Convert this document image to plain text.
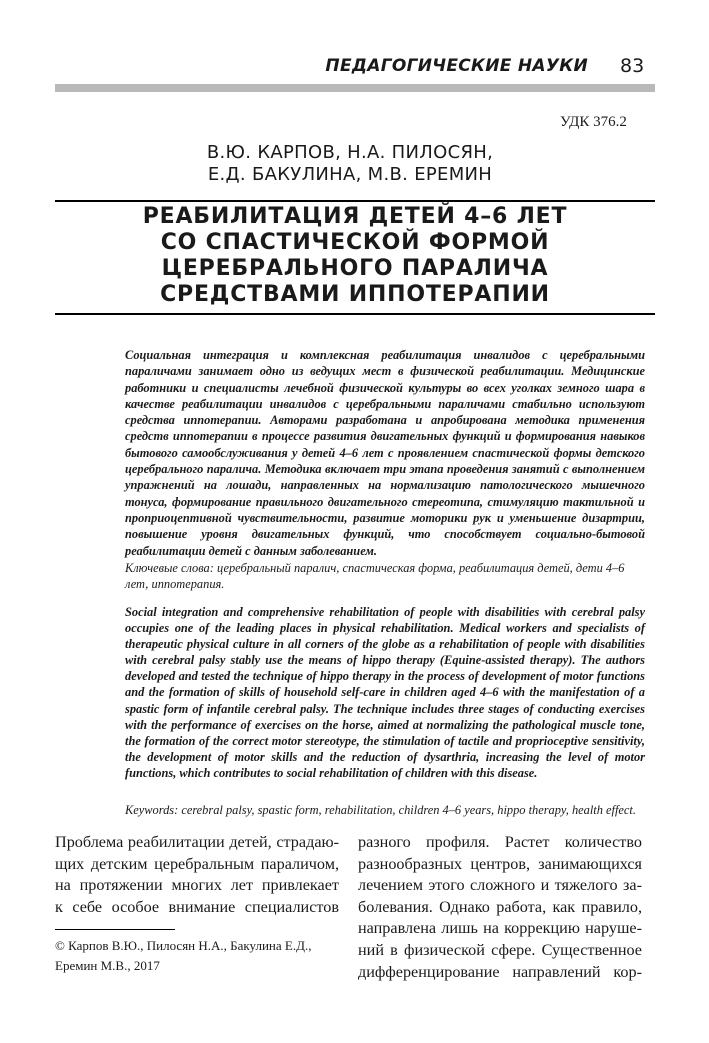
ПЕДАГОГИЧЕСКИЕ НАУКИ 83
УДК 376.2
В.Ю. КАРПОВ, Н.А. ПИЛОСЯН,
Е.Д. БАКУЛИНА, М.В. ЕРЕМИН
РЕАБИЛИТАЦИЯ ДЕТЕЙ 4–6 ЛЕТ
СО СПАСТИЧЕСКОЙ ФОРМОЙ
ЦЕРЕБРАЛЬНОГО ПАРАЛИЧА
СРЕДСТВАМИ ИППОТЕРАПИИ
Социальная интеграция и комплексная реабилитация инвалидов с церебральными параличами занимает одно из ведущих мест в физической реабилитации. Медицинские работники и специалисты лечебной физической культуры во всех уголках земного шара в качестве реабилитации инвалидов с церебральными параличами стабильно используют средства иппотерапии. Авторами разработана и апробирована методика применения средств иппотерапии в процессе развития двигательных функций и формирования навыков бытового самообслуживания у детей 4–6 лет с проявлением спастической формы детского церебрального паралича. Методика включает три этапа проведения занятий с выполнением упражнений на лошади, направленных на нормализацию патологического мышечного тонуса, формирование правильного двигательного стереотипа, стимуляцию тактильной и проприоцептивной чувствительности, развитие моторики рук и уменьшение дизартрии, повышение уровня двигательных функций, что способствует социально-бытовой реабилитации детей с данным заболеванием.
Ключевые слова: церебральный паралич, спастическая форма, реабилитация детей, дети 4–6 лет, иппотерапия.
Social integration and comprehensive rehabilitation of people with disabilities with cerebral palsy occupies one of the leading places in physical rehabilitation. Medical workers and specialists of therapeutic physical culture in all corners of the globe as a rehabilitation of people with disabilities with cerebral palsy stably use the means of hippo therapy (Equine-assisted therapy). The authors developed and tested the technique of hippo therapy in the process of development of motor functions and the formation of skills of household self-care in children aged 4–6 with the manifestation of a spastic form of infantile cerebral palsy. The technique includes three stages of conducting exercises with the performance of exercises on the horse, aimed at normalizing the pathological muscle tone, the formation of the correct motor stereotype, the stimulation of tactile and proprioceptive sensitivity, the development of motor skills and the reduction of dysarthria, increasing the level of motor functions, which contributes to social rehabilitation of children with this disease.
Keywords: cerebral palsy, spastic form, rehabilitation, children 4–6 years, hippo therapy, health effect.
Проблема реабилитации детей, страдаю-
щих детским церебральным параличом,
на протяжении многих лет привлекает
к себе особое внимание специалистов
разного профиля. Растет количество
разнообразных центров, занимающихся
лечением этого сложного и тяжелого за-
болевания. Однако работа, как правило,
направлена лишь на коррекцию наруше-
ний в физической сфере. Существенное
дифференцирование направлений кор-
© Карпов В.Ю., Пилосян Н.А., Бакулина Е.Д.,
Еремин М.В., 2017
